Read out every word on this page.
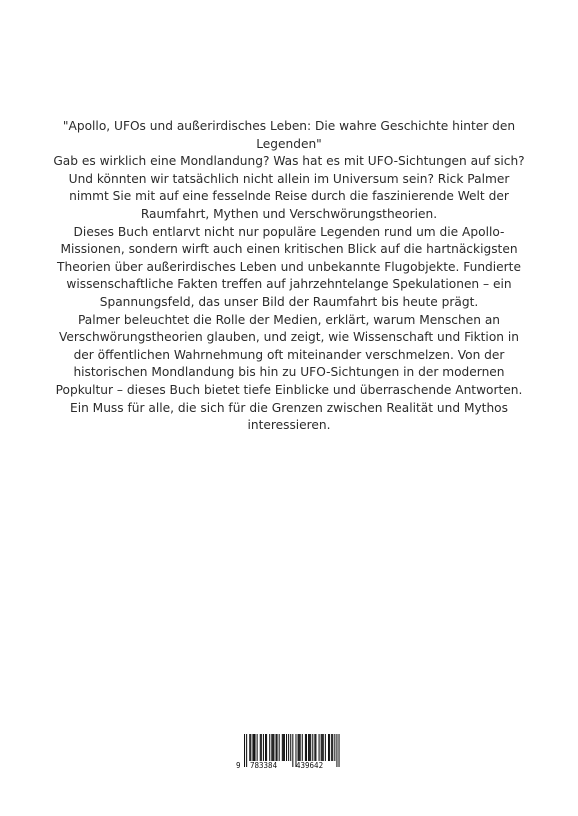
"Apollo, UFOs und außerirdisches Leben: Die wahre Geschichte hinter den Legenden"

Gab es wirklich eine Mondlandung? Was hat es mit UFO-Sichtungen auf sich? Und könnten wir tatsächlich nicht allein im Universum sein? Rick Palmer nimmt Sie mit auf eine fesselnde Reise durch die faszinierende Welt der Raumfahrt, Mythen und Verschwörungstheorien.

Dieses Buch entlarvt nicht nur populäre Legenden rund um die Apollo-Missionen, sondern wirft auch einen kritischen Blick auf die hartnäckigsten Theorien über außerirdisches Leben und unbekannte Flugobjekte. Fundierte wissenschaftliche Fakten treffen auf jahrzehntelange Spekulationen – ein Spannungsfeld, das unser Bild der Raumfahrt bis heute prägt.

Palmer beleuchtet die Rolle der Medien, erklärt, warum Menschen an Verschwörungstheorien glauben, und zeigt, wie Wissenschaft und Fiktion in der öffentlichen Wahrnehmung oft miteinander verschmelzen. Von der historischen Mondlandung bis hin zu UFO-Sichtungen in der modernen Popkultur – dieses Buch bietet tiefe Einblicke und überraschende Antworten.

Ein Muss für alle, die sich für die Grenzen zwischen Realität und Mythos interessieren.

9 783384	439642
